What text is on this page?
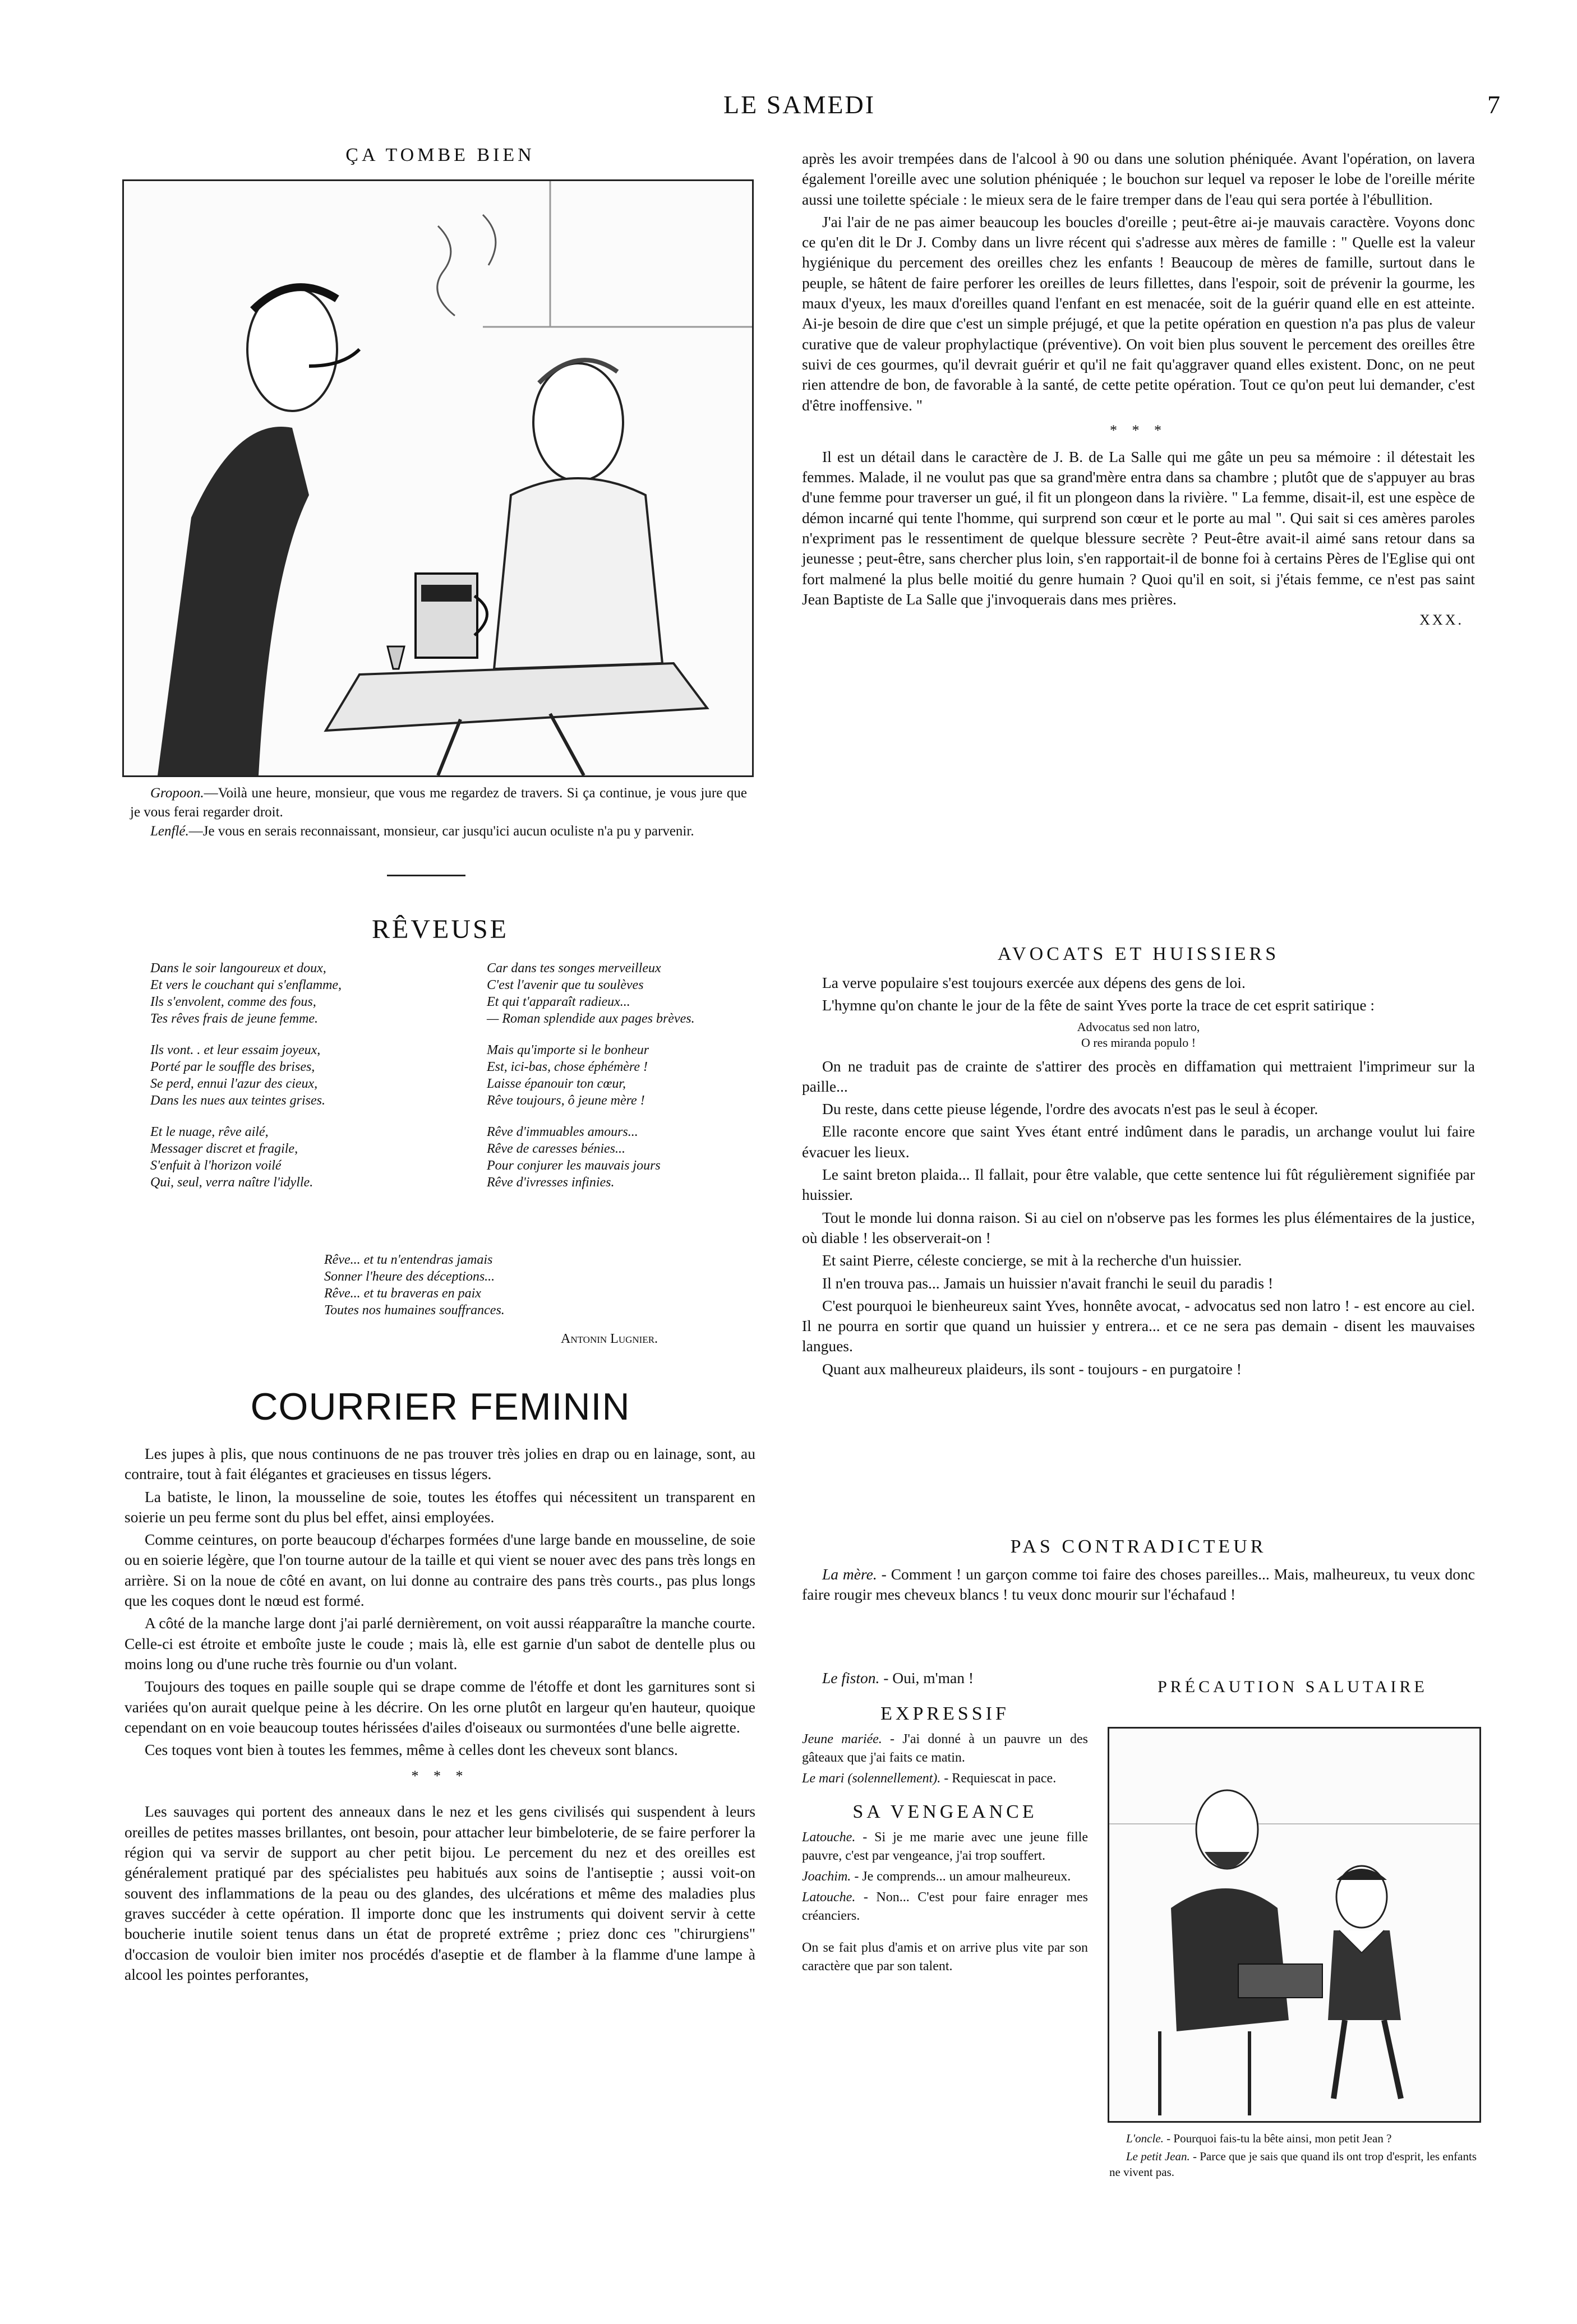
LE SAMEDI	7
ÇA TOMBE BIEN

Gropoon.—Voilà une heure, monsieur, que vous me regardez de travers. Si ça continue, je vous jure que je vous ferai regarder droit.

Lenflé.—Je vous en serais reconnaissant, monsieur, car jusqu'ici aucun oculiste n'a pu y parvenir.

RÊVEUSE
Dans le soir langoureux et doux,
Et vers le couchant qui s'enflamme,
Ils s'envolent, comme des fous,
Tes rêves frais de jeune femme.
Ils vont. . et leur essaim joyeux,
Porté par le souffle des brises,
Se perd, ennui l'azur des cieux,
Dans les nues aux teintes grises.
Et le nuage, rêve ailé,
Messager discret et fragile,
S'enfuit à l'horizon voilé
Qui, seul, verra naître l'idylle.
Car dans tes songes merveilleux
C'est l'avenir que tu soulèves
Et qui t'apparaît radieux...
— Roman splendide aux pages brèves.
Mais qu'importe si le bonheur
Est, ici-bas, chose éphémère !
Laisse épanouir ton cœur,
Rêve toujours, ô jeune mère !
Rêve d'immuables amours...
Rêve de caresses bénies...
Pour conjurer les mauvais jours
Rêve d'ivresses infinies.
Rêve... et tu n'entendras jamais
Sonner l'heure des déceptions...
Rêve... et tu braveras en paix
Toutes nos humaines souffrances.
Antonin Lugnier.
COURRIER FEMININ

Les jupes à plis, que nous continuons de ne pas trouver très jolies en drap ou en lainage, sont, au contraire, tout à fait élégantes et gracieuses en tissus légers.

La batiste, le linon, la mousseline de soie, toutes les étoffes qui nécessitent un transparent en soierie un peu ferme sont du plus bel effet, ainsi employées.

Comme ceintures, on porte beaucoup d'écharpes formées d'une large bande en mousseline, de soie ou en soierie légère, que l'on tourne autour de la taille et qui vient se nouer avec des pans très longs en arrière. Si on la noue de côté en avant, on lui donne au contraire des pans très courts., pas plus longs que les coques dont le nœud est formé.

A côté de la manche large dont j'ai parlé dernièrement, on voit aussi réapparaître la manche courte. Celle-ci est étroite et emboîte juste le coude ; mais là, elle est garnie d'un sabot de dentelle plus ou moins long ou d'une ruche très fournie ou d'un volant.

Toujours des toques en paille souple qui se drape comme de l'étoffe et dont les garnitures sont si variées qu'on aurait quelque peine à les décrire. On les orne plutôt en largeur qu'en hauteur, quoique cependant on en voie beaucoup toutes hérissées d'ailes d'oiseaux ou surmontées d'une belle aigrette.

Ces toques vont bien à toutes les femmes, même à celles dont les cheveux sont blancs.

* * *

Les sauvages qui portent des anneaux dans le nez et les gens civilisés qui suspendent à leurs oreilles de petites masses brillantes, ont besoin, pour attacher leur bimbeloterie, de se faire perforer la région qui va servir de support au cher petit bijou. Le percement du nez et des oreilles est généralement pratiqué par des spécialistes peu habitués aux soins de l'antiseptie ; aussi voit-on souvent des inflammations de la peau ou des glandes, des ulcérations et même des maladies plus graves succéder à cette opération. Il importe donc que les instruments qui doivent servir à cette boucherie inutile soient tenus dans un état de propreté extrême ; priez donc ces "chirurgiens" d'occasion de vouloir bien imiter nos procédés d'aseptie et de flamber à la flamme d'une lampe à alcool les pointes perforantes,

après les avoir trempées dans de l'alcool à 90 ou dans une solution phéniquée. Avant l'opération, on lavera également l'oreille avec une solution phéniquée ; le bouchon sur lequel va reposer le lobe de l'oreille mérite aussi une toilette spéciale : le mieux sera de le faire tremper dans de l'eau qui sera portée à l'ébullition.

J'ai l'air de ne pas aimer beaucoup les boucles d'oreille ; peut-être ai-je mauvais caractère. Voyons donc ce qu'en dit le Dr J. Comby dans un livre récent qui s'adresse aux mères de famille : " Quelle est la valeur hygiénique du percement des oreilles chez les enfants ! Beaucoup de mères de famille, surtout dans le peuple, se hâtent de faire perforer les oreilles de leurs fillettes, dans l'espoir, soit de prévenir la gourme, les maux d'yeux, les maux d'oreilles quand l'enfant en est menacée, soit de la guérir quand elle en est atteinte. Ai-je besoin de dire que c'est un simple préjugé, et que la petite opération en question n'a pas plus de valeur curative que de valeur prophylactique (préventive). On voit bien plus souvent le percement des oreilles être suivi de ces gourmes, qu'il devrait guérir et qu'il ne fait qu'aggraver quand elles existent. Donc, on ne peut rien attendre de bon, de favorable à la santé, de cette petite opération. Tout ce qu'on peut lui demander, c'est d'être inoffensive. "

* * *

Il est un détail dans le caractère de J. B. de La Salle qui me gâte un peu sa mémoire : il détestait les femmes. Malade, il ne voulut pas que sa grand'mère entra dans sa chambre ; plutôt que de s'appuyer au bras d'une femme pour traverser un gué, il fit un plongeon dans la rivière. " La femme, disait-il, est une espèce de démon incarné qui tente l'homme, qui surprend son cœur et le porte au mal ". Qui sait si ces amères paroles n'expriment pas le ressentiment de quelque blessure secrète ? Peut-être avait-il aimé sans retour dans sa jeunesse ; peut-être, sans chercher plus loin, s'en rapportait-il de bonne foi à certains Pères de l'Eglise qui ont fort malmené la plus belle moitié du genre humain ? Quoi qu'il en soit, si j'étais femme, ce n'est pas saint Jean Baptiste de La Salle que j'invoquerais dans mes prières.

XXX.
AVOCATS ET HUISSIERS

La verve populaire s'est toujours exercée aux dépens des gens de loi.

L'hymne qu'on chante le jour de la fête de saint Yves porte la trace de cet esprit satirique :

Advocatus sed non latro,
O res miranda populo !

On ne traduit pas de crainte de s'attirer des procès en diffamation qui mettraient l'imprimeur sur la paille...

Du reste, dans cette pieuse légende, l'ordre des avocats n'est pas le seul à écoper.

Elle raconte encore que saint Yves étant entré indûment dans le paradis, un archange voulut lui faire évacuer les lieux.

Le saint breton plaida... Il fallait, pour être valable, que cette sentence lui fût régulièrement signifiée par huissier.

Tout le monde lui donna raison. Si au ciel on n'observe pas les formes les plus élémentaires de la justice, où diable ! les observerait-on !

Et saint Pierre, céleste concierge, se mit à la recherche d'un huissier.

Il n'en trouva pas... Jamais un huissier n'avait franchi le seuil du paradis !

C'est pourquoi le bienheureux saint Yves, honnête avocat, - advocatus sed non latro ! - est encore au ciel. Il ne pourra en sortir que quand un huissier y entrera... et ce ne sera pas demain - disent les mauvaises langues.

Quant aux malheureux plaideurs, ils sont - toujours - en purgatoire !

PAS CONTRADICTEUR

La mère. - Comment ! un garçon comme toi faire des choses pareilles... Mais, malheureux, tu veux donc faire rougir mes cheveux blancs ! tu veux donc mourir sur l'échafaud !

Le fiston. - Oui, m'man !

EXPRESSIF

Jeune mariée. - J'ai donné à un pauvre un des gâteaux que j'ai faits ce matin.

Le mari (solennellement). - Requiescat in pace.

SA VENGEANCE

Latouche. - Si je me marie avec une jeune fille pauvre, c'est par vengeance, j'ai trop souffert.

Joachim. - Je comprends... un amour malheureux.

Latouche. - Non... C'est pour faire enrager mes créanciers.

On se fait plus d'amis et on arrive plus vite par son caractère que par son talent.

PRÉCAUTION SALUTAIRE

L'oncle. - Pourquoi fais-tu la bête ainsi, mon petit Jean ?

Le petit Jean. - Parce que je sais que quand ils ont trop d'esprit, les enfants ne vivent pas.
